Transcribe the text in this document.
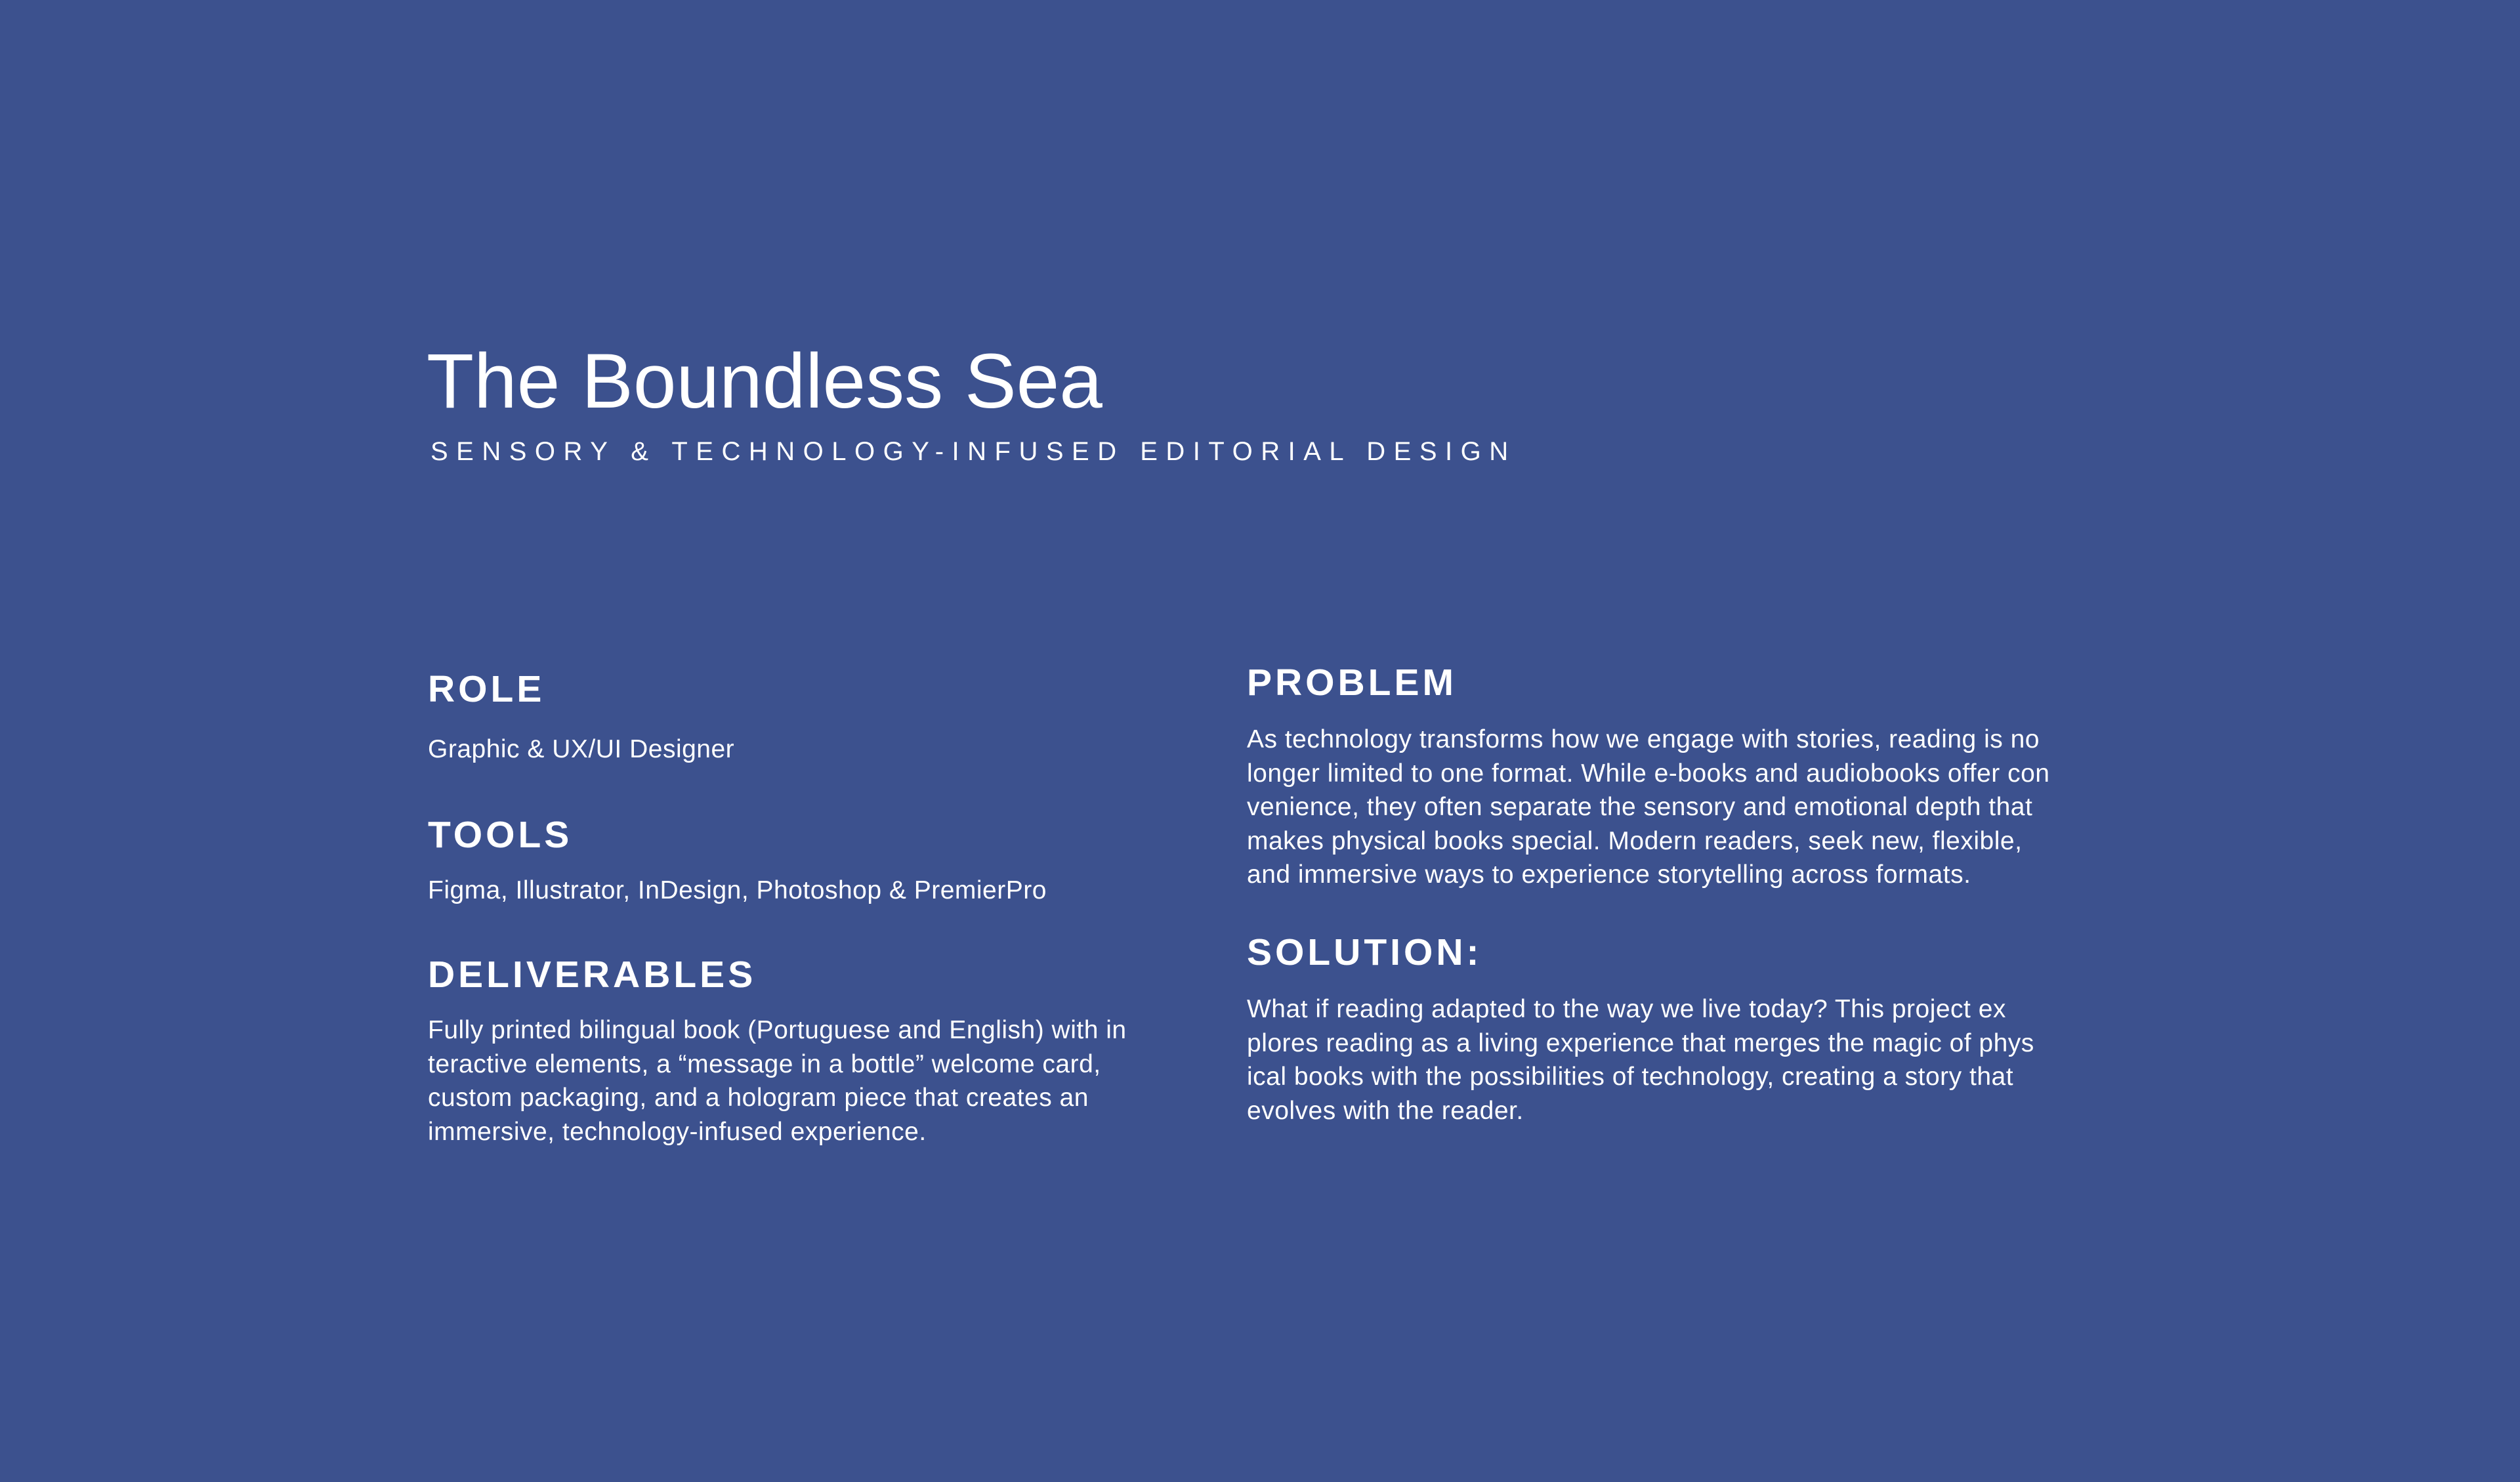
The Boundless Sea
SENSORY & TECHNOLOGY-INFUSED EDITORIAL DESIGN
ROLE

Graphic & UX/UI Designer

TOOLS

Figma, Illustrator, InDesign, Photoshop & PremierPro

DELIVERABLES

Fully printed bilingual book (Portuguese and English) with in
teractive elements, a “message in a bottle” welcome card,
custom packaging, and a hologram piece that creates an
immersive, technology-infused experience.

PROBLEM

As technology transforms how we engage with stories, reading is no
longer limited to one format. While e-books and audiobooks offer con
venience, they often separate the sensory and emotional depth that
makes physical books special. Modern readers, seek new, flexible,
and immersive ways to experience storytelling across formats.

SOLUTION:

What if reading adapted to the way we live today? This project ex
plores reading as a living experience that merges the magic of phys
ical books with the possibilities of technology, creating a story that
evolves with the reader.
